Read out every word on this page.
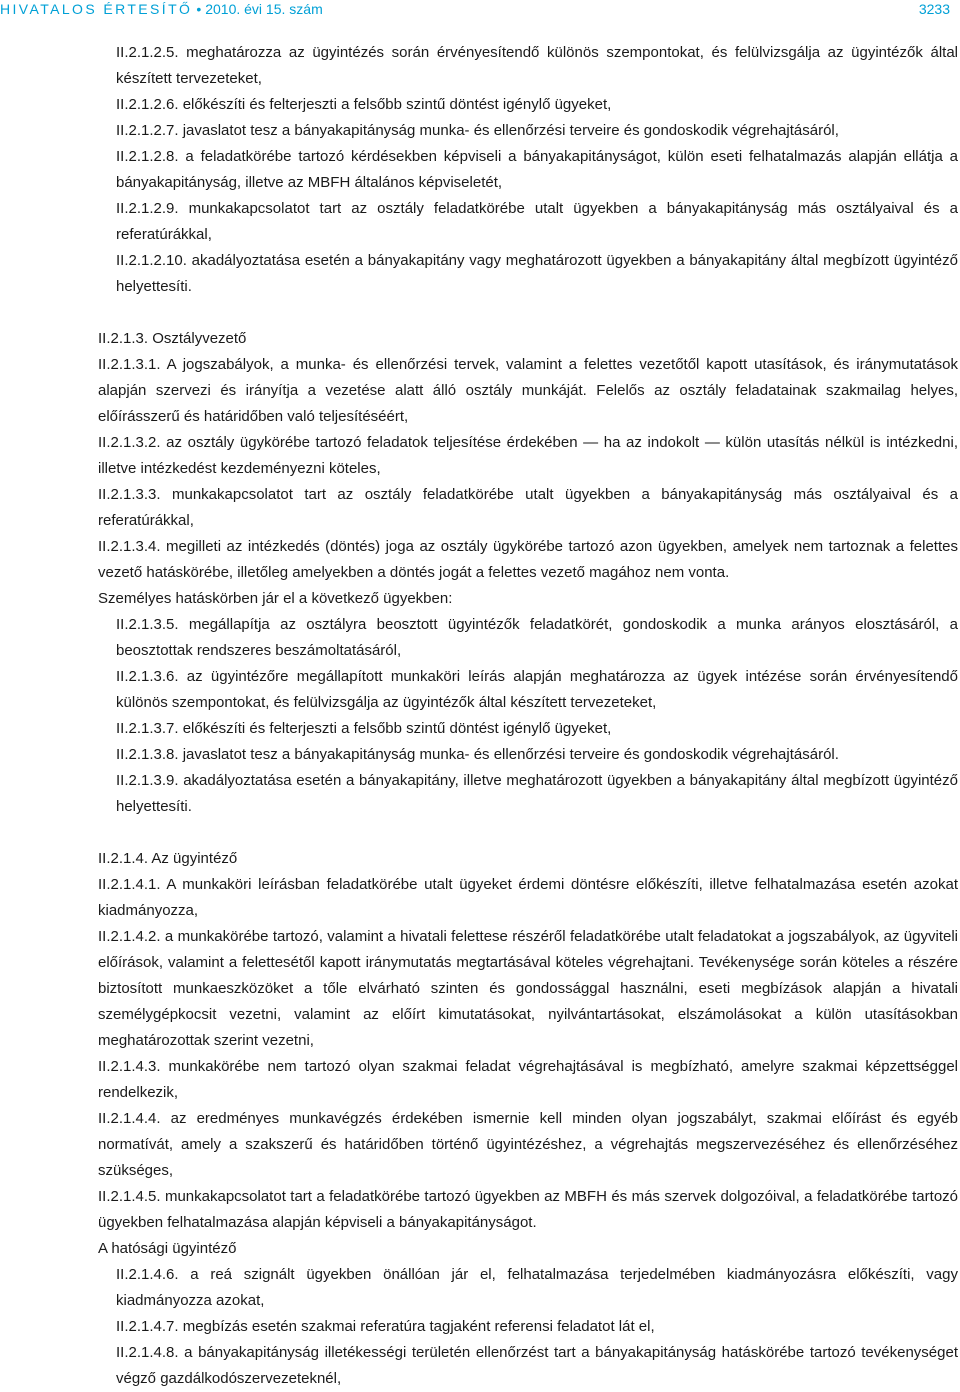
HIVATALOS ÉRTESÍTŐ • 2010. évi 15. szám	3233

II.2.1.2.5. meghatározza az ügyintézés során érvényesítendő különös szempontokat, és felülvizsgálja az ügyintézők által készített tervezeteket,

II.2.1.2.6. előkészíti és felterjeszti a felsőbb szintű döntést igénylő ügyeket,

II.2.1.2.7. javaslatot tesz a bányakapitányság munka- és ellenőrzési terveire és gondoskodik végrehajtásáról,

II.2.1.2.8. a feladatkörébe tartozó kérdésekben képviseli a bányakapitányságot, külön eseti felhatalmazás alapján ellátja a bányakapitányság, illetve az MBFH általános képviseletét,

II.2.1.2.9. munkakapcsolatot tart az osztály feladatkörébe utalt ügyekben a bányakapitányság más osztályaival és a referatúrákkal,

II.2.1.2.10. akadályoztatása esetén a bányakapitány vagy meghatározott ügyekben a bányakapitány által megbízott ügyintéző helyettesíti.

II.2.1.3. Osztályvezető

II.2.1.3.1. A jogszabályok, a munka- és ellenőrzési tervek, valamint a felettes vezetőtől kapott utasítások, és iránymutatások alapján szervezi és irányítja a vezetése alatt álló osztály munkáját. Felelős az osztály feladatainak szakmailag helyes, előírásszerű és határidőben való teljesítéséért,

II.2.1.3.2. az osztály ügykörébe tartozó feladatok teljesítése érdekében — ha az indokolt — külön utasítás nélkül is intézkedni, illetve intézkedést kezdeményezni köteles,

II.2.1.3.3. munkakapcsolatot tart az osztály feladatkörébe utalt ügyekben a bányakapitányság más osztályaival és a referatúrákkal,

II.2.1.3.4. megilleti az intézkedés (döntés) joga az osztály ügykörébe tartozó azon ügyekben, amelyek nem tartoznak a felettes vezető hatáskörébe, illetőleg amelyekben a döntés jogát a felettes vezető magához nem vonta.

Személyes hatáskörben jár el a következő ügyekben:

II.2.1.3.5. megállapítja az osztályra beosztott ügyintézők feladatkörét, gondoskodik a munka arányos elosztásáról, a beosztottak rendszeres beszámoltatásáról,

II.2.1.3.6. az ügyintézőre megállapított munkaköri leírás alapján meghatározza az ügyek intézése során érvényesítendő különös szempontokat, és felülvizsgálja az ügyintézők által készített tervezeteket,

II.2.1.3.7. előkészíti és felterjeszti a felsőbb szintű döntést igénylő ügyeket,

II.2.1.3.8. javaslatot tesz a bányakapitányság munka- és ellenőrzési terveire és gondoskodik végrehajtásáról.

II.2.1.3.9. akadályoztatása esetén a bányakapitány, illetve meghatározott ügyekben a bányakapitány által megbízott ügyintéző helyettesíti.

II.2.1.4. Az ügyintéző

II.2.1.4.1. A munkaköri leírásban feladatkörébe utalt ügyeket érdemi döntésre előkészíti, illetve felhatalmazása esetén azokat kiadmányozza,

II.2.1.4.2. a munkakörébe tartozó, valamint a hivatali felettese részéről feladatkörébe utalt feladatokat a jogszabályok, az ügyviteli előírások, valamint a felettesétől kapott iránymutatás megtartásával köteles végrehajtani. Tevékenysége során köteles a részére biztosított munkaeszközöket a tőle elvárható szinten és gondossággal használni, eseti megbízások alapján a hivatali személygépkocsit vezetni, valamint az előírt kimutatásokat, nyilvántartásokat, elszámolásokat a külön utasításokban meghatározottak szerint vezetni,

II.2.1.4.3. munkakörébe nem tartozó olyan szakmai feladat végrehajtásával is megbízható, amelyre szakmai képzettséggel rendelkezik,

II.2.1.4.4. az eredményes munkavégzés érdekében ismernie kell minden olyan jogszabályt, szakmai előírást és egyéb normatívát, amely a szakszerű és határidőben történő ügyintézéshez, a végrehajtás megszervezéséhez és ellenőrzéséhez szükséges,

II.2.1.4.5. munkakapcsolatot tart a feladatkörébe tartozó ügyekben az MBFH és más szervek dolgozóival, a feladatkörébe tartozó ügyekben felhatalmazása alapján képviseli a bányakapitányságot.

A hatósági ügyintéző

II.2.1.4.6. a reá szignált ügyekben önállóan jár el, felhatalmazása terjedelmében kiadmányozásra előkészíti, vagy kiadmányozza azokat,

II.2.1.4.7. megbízás esetén szakmai referatúra tagjaként referensi feladatot lát el,

II.2.1.4.8. a bányakapitányság illetékességi területén ellenőrzést tart a bányakapitányság hatáskörébe tartozó tevékenységet végző gazdálkodószervezeteknél,
